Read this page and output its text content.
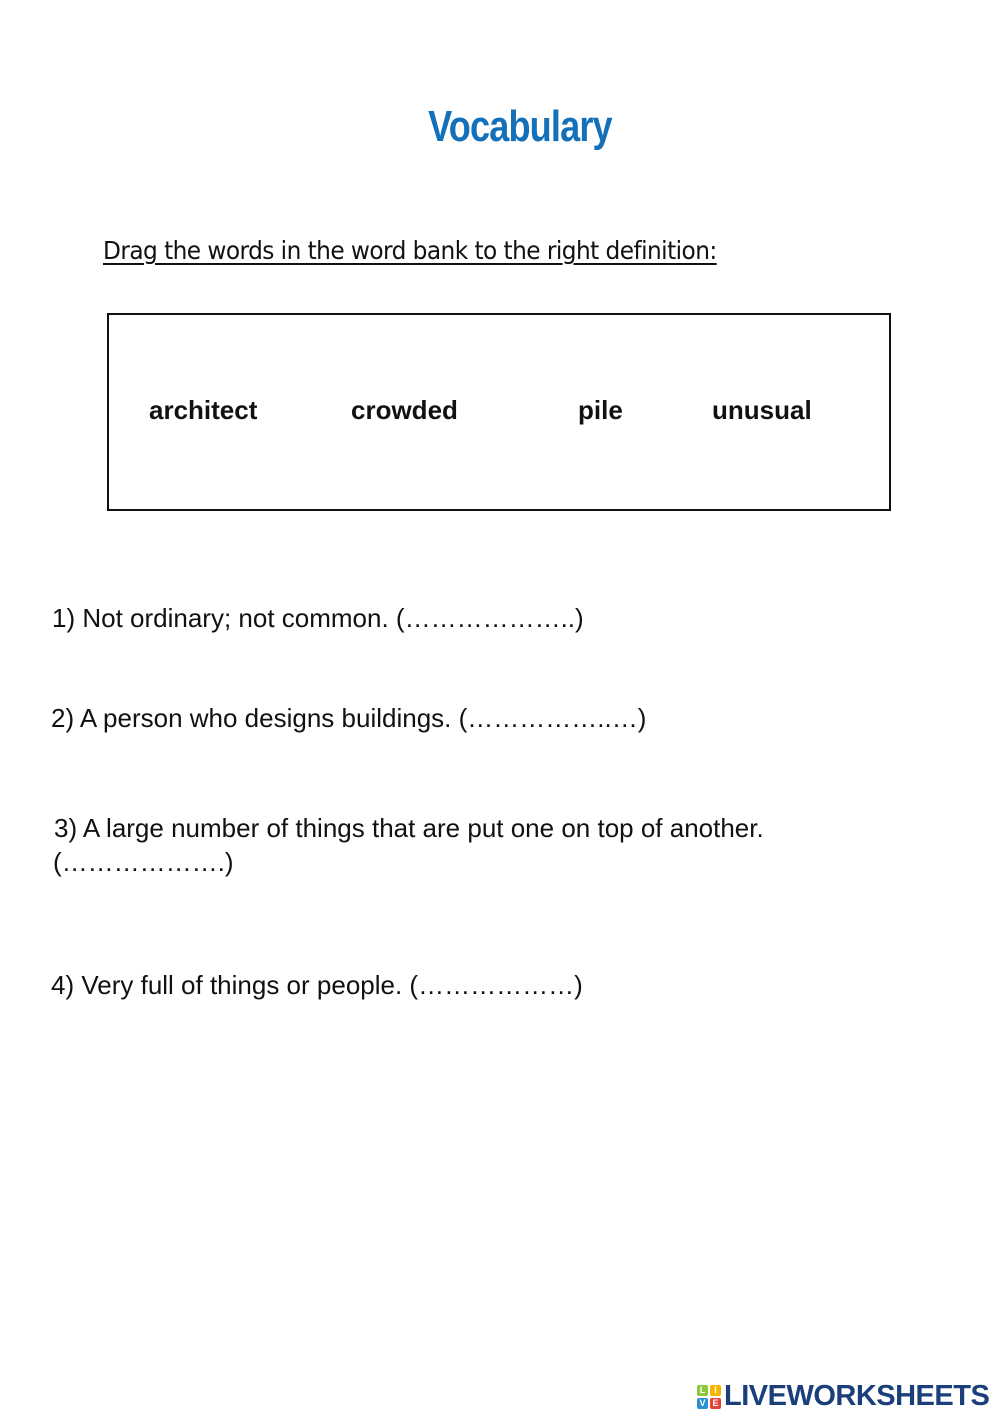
Vocabulary
Drag the words in the word bank to the right definition:
architect	crowded	pile	unusual
1) Not ordinary; not common. (………………..)
2) A person who designs buildings. (……………..…)
3) A large number of things that are put one on top of another.
(……………….)
4) Very full of things or people. (………………)
L I
V E LIVEWORKSHEETS
